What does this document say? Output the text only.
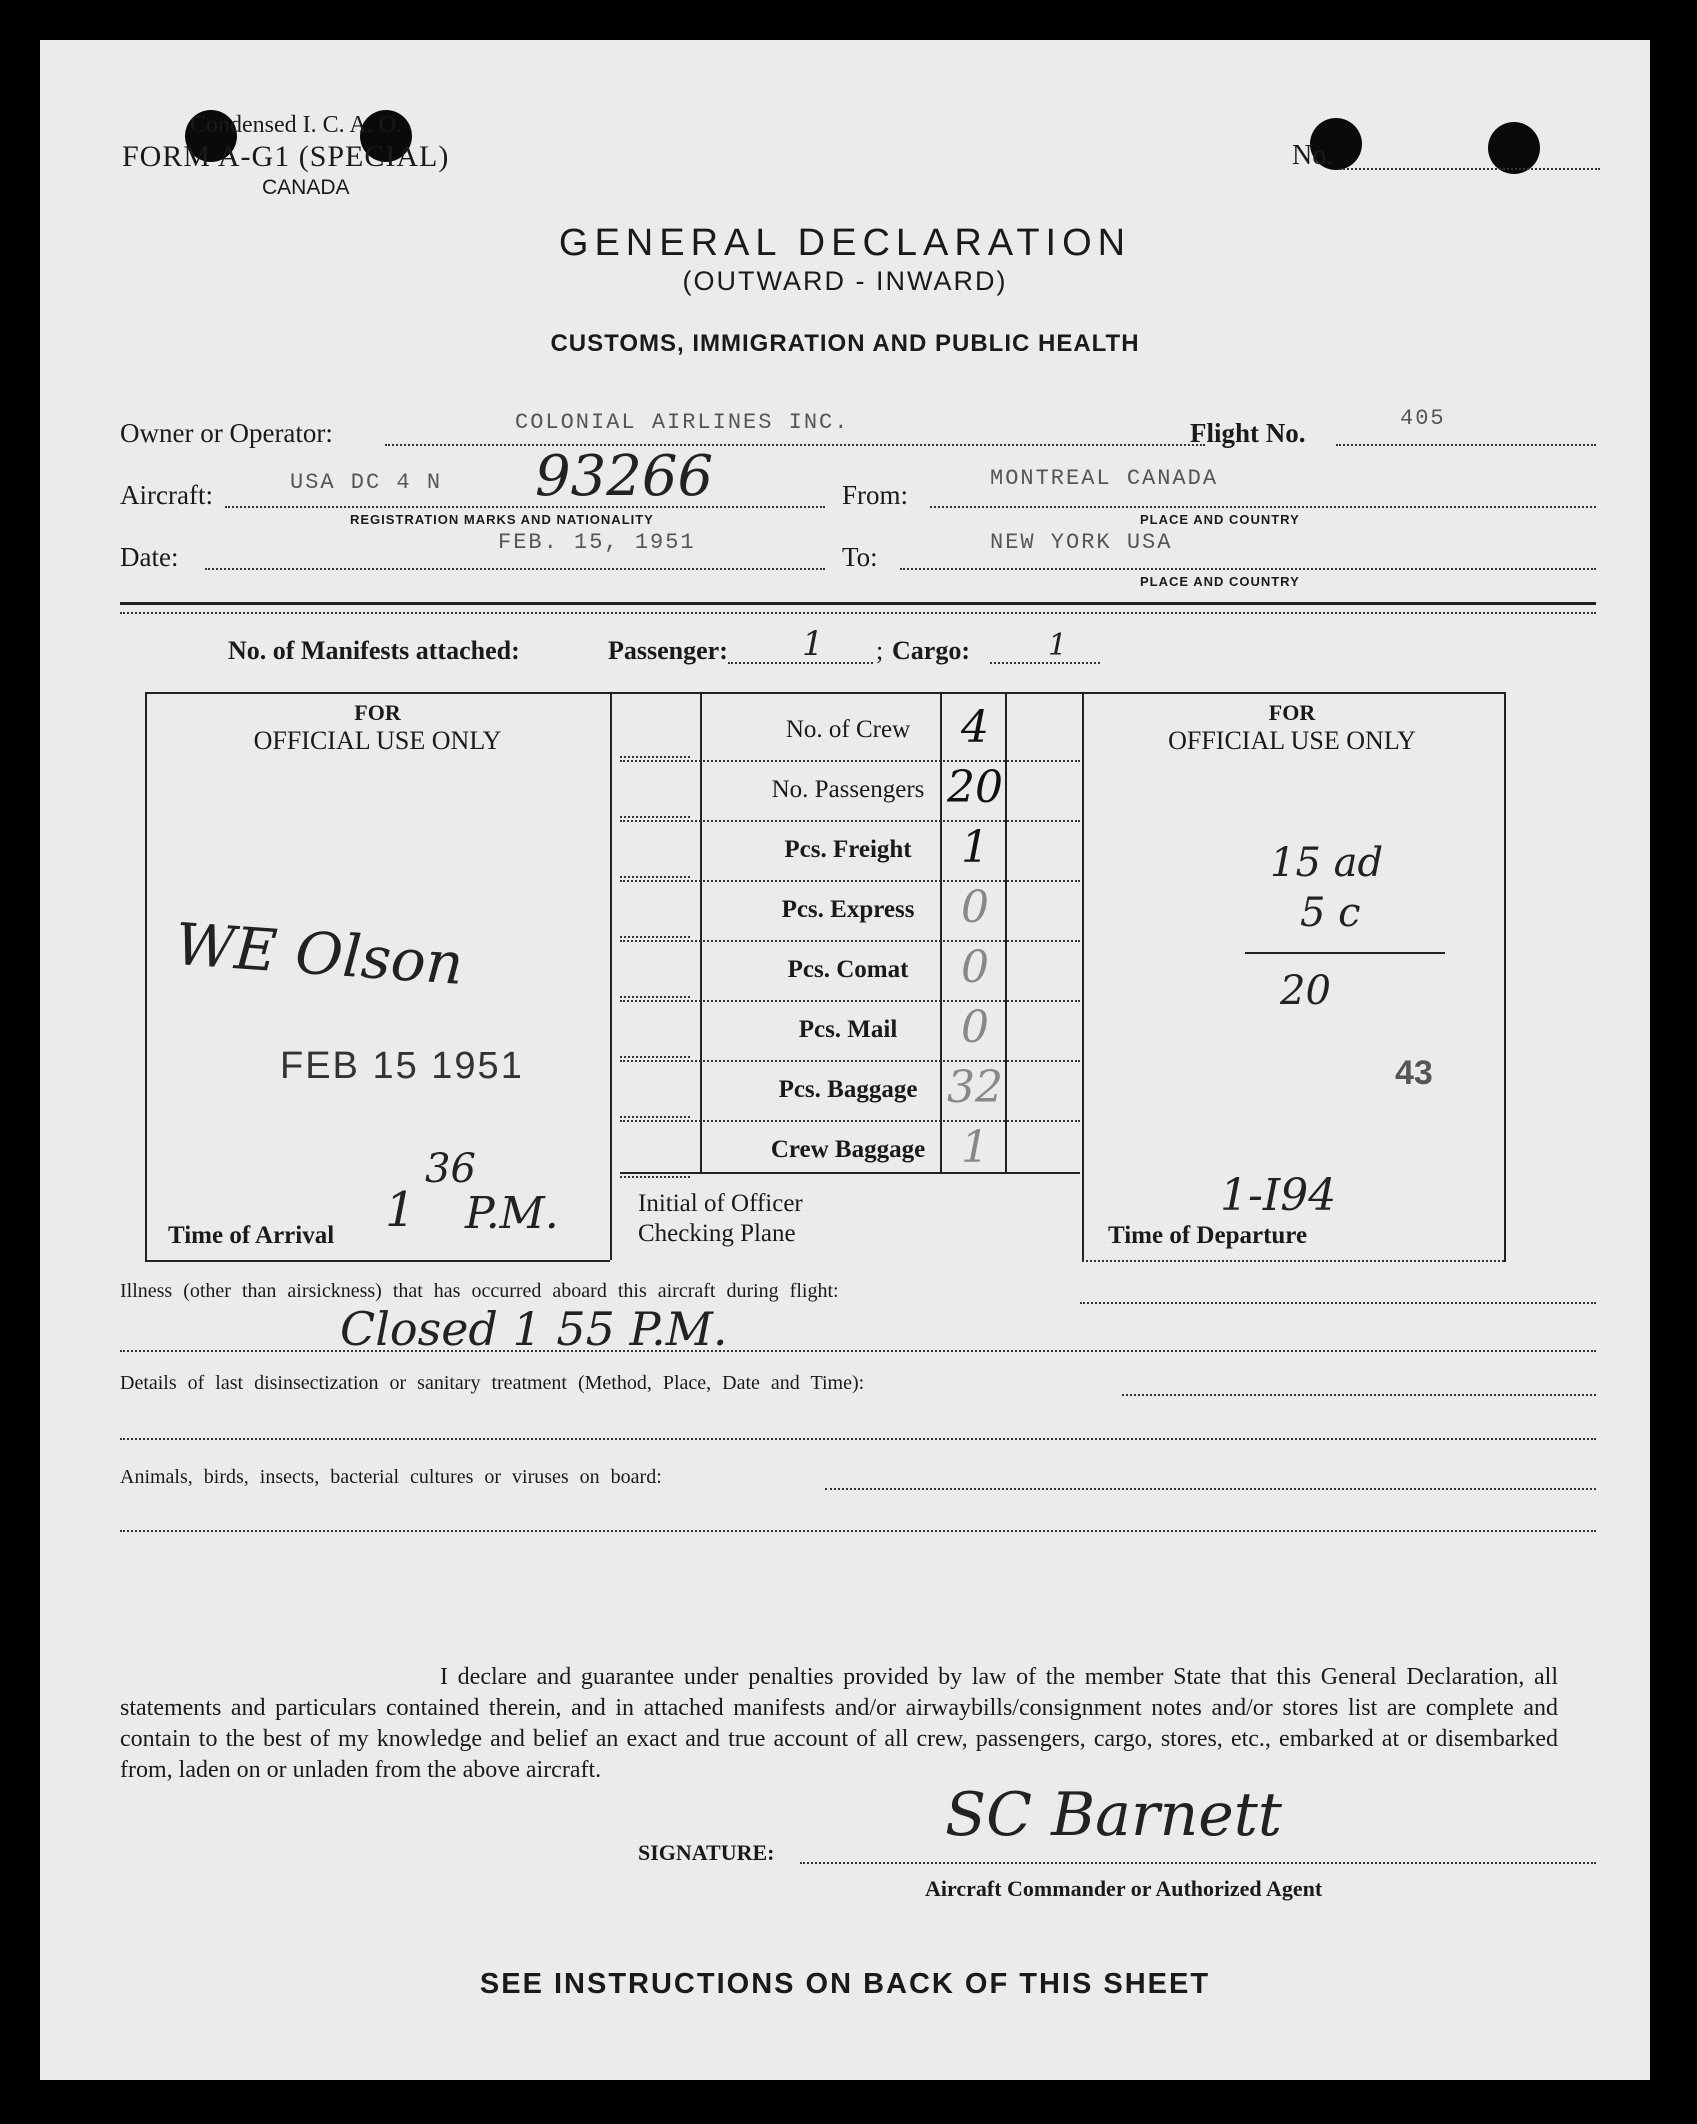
Condensed I. C. A. O.
FORM A-G1 (SPECIAL)
CANADA
No.
GENERAL DECLARATION
(OUTWARD - INWARD)
CUSTOMS, IMMIGRATION AND PUBLIC HEALTH
Owner or Operator:	COLONIAL AIRLINES INC.	Flight No.	405
Aircraft:	USA DC 4 N 93266
REGISTRATION MARKS AND NATIONALITY
From:
MONTREAL CANADA
PLACE AND COUNTRY
Date:	FEB. 15, 1951	To:	NEW YORK USA
PLACE AND COUNTRY
No. of Manifests attached:	Passenger: 1 ; Cargo:	1
FOR
OFFICIAL USE ONLY
WE Olson
FEB 15 1951
Time of Arrival 1
36
P.M.
No. of Crew	4
No. Passengers 20
Pcs. Freight	1
Pcs. Express	0
Pcs. Comat	0
Pcs. Mail	0
Pcs. Baggage 32
Crew Baggage 1
Initial of Officer
Checking Plane
FOR
OFFICIAL USE ONLY
15 ad
5 c
20
43
1-I94
Time of Departure
Illness (other than airsickness) that has occurred aboard this aircraft during flight:
Closed 1 55 P.M.
Details of last disinsectization or sanitary treatment (Method, Place, Date and Time):
Animals, birds, insects, bacterial cultures or viruses on board:
I declare and guarantee under penalties provided by law of the member State that this General Declaration, all statements and particulars contained therein, and in attached manifests and/or airwaybills/consignment notes and/or stores list are complete and contain to the best of my knowledge and belief an exact and true account of all crew, passengers, cargo, stores, etc., embarked at or disembarked from, laden on or unladen from the above aircraft.
SIGNATURE:
SC Barnett
Aircraft Commander or Authorized Agent
SEE INSTRUCTIONS ON BACK OF THIS SHEET
